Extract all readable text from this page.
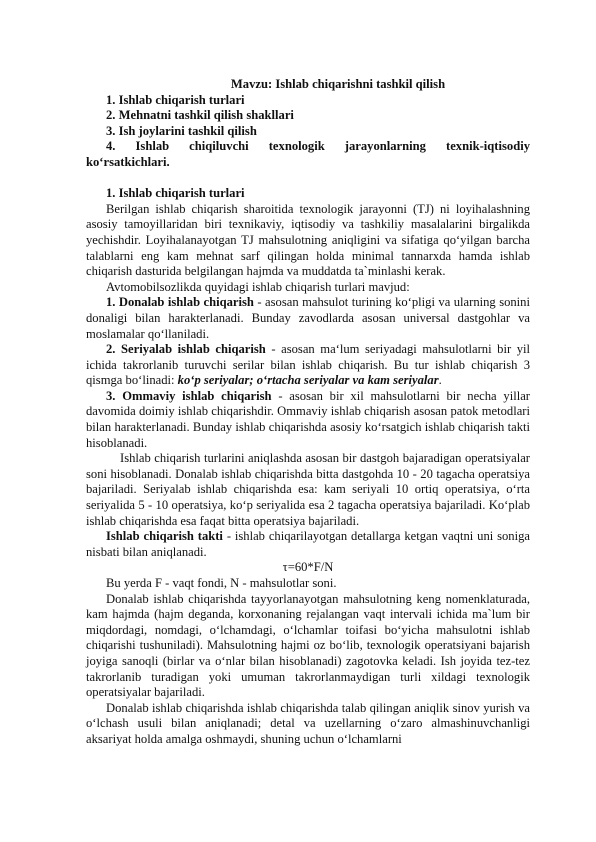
Mavzu: Ishlab chiqarishni tashkil qilish

1. Ishlab chiqarish turlari

2. Mehnatni tashkil qilish shakllari

3. Ish joylarini tashkil qilish

4. Ishlab chiqiluvchi texnologik jarayonlarning texnik-iqtisodiy ko‘rsatkichlari.

1. Ishlab chiqarish turlari

Berilgan ishlab chiqarish sharoitida texnologik jarayonni (TJ) ni loyihalashning asosiy tamoyillaridan biri texnikaviy, iqtisodiy va tashkiliy masalalarini birgalikda yechishdir. Loyihalanayotgan TJ mahsulotning aniqligini va sifatiga qo‘yilgan barcha talablarni eng kam mehnat sarf qilingan holda minimal tannarxda hamda ishlab chiqarish dasturida belgilangan hajmda va muddatda ta`minlashi kerak.

Avtomobilsozlikda quyidagi ishlab chiqarish turlari mavjud:

1. Donalab ishlab chiqarish - asosan mahsulot turining ko‘pligi va ularning sonini donaligi bilan harakterlanadi. Bunday zavodlarda asosan universal dastgohlar va moslamalar qo‘llaniladi.

2. Seriyalab ishlab chiqarish - asosan ma‘lum seriyadagi mahsulotlarni bir yil ichida takrorlanib turuvchi serilar bilan ishlab chiqarish. Bu tur ishlab chiqarish 3 qismga bo‘linadi: ko‘p seriyalar; o‘rtacha seriyalar va kam seriyalar.

3. Ommaviy ishlab chiqarish - asosan bir xil mahsulotlarni bir necha yillar davomida doimiy ishlab chiqarishdir. Ommaviy ishlab chiqarish asosan patok metodlari bilan harakterlanadi. Bunday ishlab chiqarishda asosiy ko‘rsatgich ishlab chiqarish takti hisoblanadi.

Ishlab chiqarish turlarini aniqlashda asosan bir dastgoh bajaradigan operatsiyalar soni hisoblanadi. Donalab ishlab chiqarishda bitta dastgohda 10 - 20 tagacha operatsiya bajariladi. Seriyalab ishlab chiqarishda esa: kam seriyali 10 ortiq operatsiya, o‘rta seriyalida 5 - 10 operatsiya, ko‘p seriyalida esa 2 tagacha operatsiya bajariladi. Ko‘plab ishlab chiqarishda esa faqat bitta operatsiya bajariladi.

Ishlab chiqarish takti - ishlab chiqarilayotgan detallarga ketgan vaqtni uni soniga nisbati bilan aniqlanadi.

τ=60*F/N

Bu yerda F - vaqt fondi, N - mahsulotlar soni.

Donalab ishlab chiqarishda tayyorlanayotgan mahsulotning keng nomenklaturada, kam hajmda (hajm deganda, korxonaning rejalangan vaqt intervali ichida ma`lum bir miqdordagi, nomdagi, o‘lchamdagi, o‘lchamlar toifasi bo‘yicha mahsulotni ishlab chiqarishi tushuniladi). Mahsulotning hajmi oz bo‘lib, texnologik operatsiyani bajarish joyiga sanoqli (birlar va o‘nlar bilan hisoblanadi) zagotovka keladi. Ish joyida tez-tez takrorlanib turadigan yoki umuman takrorlanmaydigan turli xildagi texnologik operatsiyalar bajariladi.

Donalab ishlab chiqarishda ishlab chiqarishda talab qilingan aniqlik sinov yurish va o‘lchash usuli bilan aniqlanadi; detal va uzellarning o‘zaro almashinuvchanligi aksariyat holda amalga oshmaydi, shuning uchun o‘lchamlarni
